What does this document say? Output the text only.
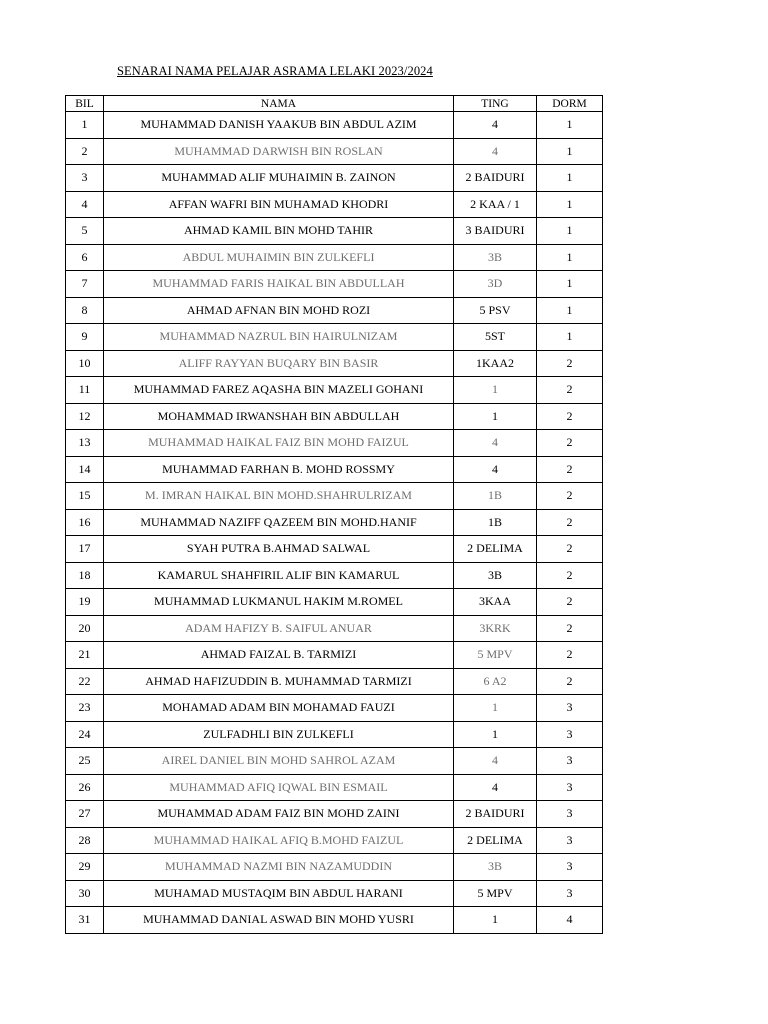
SENARAI NAMA PELAJAR ASRAMA LELAKI 2023/2024
BIL	NAMA	TING	DORM
1	MUHAMMAD DANISH YAAKUB BIN ABDUL AZIM	4	1
2	MUHAMMAD DARWISH BIN ROSLAN	4	1
3	MUHAMMAD ALIF MUHAIMIN B. ZAINON	2 BAIDURI	1
4	AFFAN WAFRI BIN MUHAMAD KHODRI	2 KAA / 1	1
5	AHMAD KAMIL BIN MOHD TAHIR	3 BAIDURI	1
6	ABDUL MUHAIMIN BIN ZULKEFLI	3B	1
7	MUHAMMAD FARIS HAIKAL BIN ABDULLAH	3D	1
8	AHMAD AFNAN BIN MOHD ROZI	5 PSV	1
9	MUHAMMAD NAZRUL BIN HAIRULNIZAM	5ST	1
10	ALIFF RAYYAN BUQARY BIN BASIR	1KAA2	2
11	MUHAMMAD FAREZ AQASHA BIN MAZELI GOHANI	1	2
12	MOHAMMAD IRWANSHAH BIN ABDULLAH	1	2
13	MUHAMMAD HAIKAL FAIZ BIN MOHD FAIZUL	4	2
14	MUHAMMAD FARHAN B. MOHD ROSSMY	4	2
15	M. IMRAN HAIKAL BIN MOHD.SHAHRULRIZAM	1B	2
16	MUHAMMAD NAZIFF QAZEEM BIN MOHD.HANIF	1B	2
17	SYAH PUTRA B.AHMAD SALWAL	2 DELIMA	2
18	KAMARUL SHAHFIRIL ALIF BIN KAMARUL	3B	2
19	MUHAMMAD LUKMANUL HAKIM M.ROMEL	3KAA	2
20	ADAM HAFIZY B. SAIFUL ANUAR	3KRK	2
21	AHMAD FAIZAL B. TARMIZI	5 MPV	2
22	AHMAD HAFIZUDDIN B. MUHAMMAD TARMIZI	6 A2	2
23	MOHAMAD ADAM BIN MOHAMAD FAUZI	1	3
24	ZULFADHLI BIN ZULKEFLI	1	3
25	AIREL DANIEL BIN MOHD SAHROL AZAM	4	3
26	MUHAMMAD AFIQ IQWAL BIN ESMAIL	4	3
27	MUHAMMAD ADAM FAIZ BIN MOHD ZAINI	2 BAIDURI	3
28	MUHAMMAD HAIKAL AFIQ B.MOHD FAIZUL	2 DELIMA	3
29	MUHAMMAD NAZMI BIN NAZAMUDDIN	3B	3
30	MUHAMAD MUSTAQIM BIN ABDUL HARANI	5 MPV	3
31	MUHAMMAD DANIAL ASWAD BIN MOHD YUSRI	1	4
